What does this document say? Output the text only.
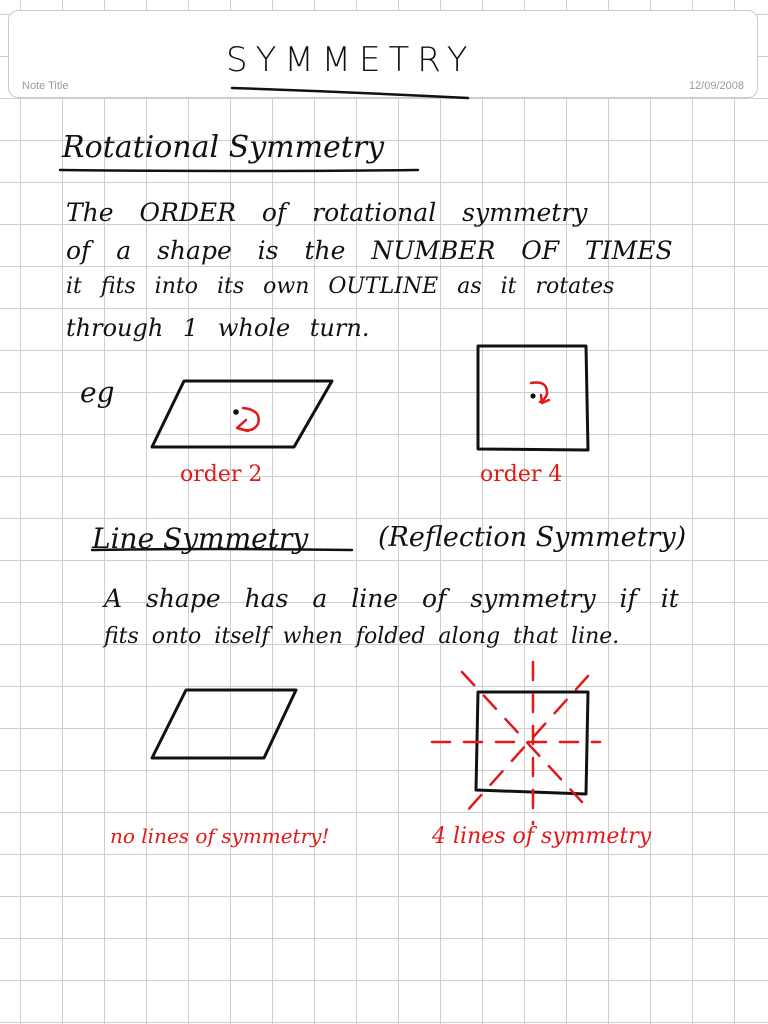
Note Title	12/09/2008
SYMMETRY
Rotational Symmetry
The ORDER of rotational symmetry
of a shape is the NUMBER OF TIMES
it fits into its own OUTLINE as it rotates
through 1 whole turn.
eg
order 2	order 4
Line Symmetry	(Reflection Symmetry)
A shape has a line of symmetry if it
fits onto itself when folded along that line.
no lines of symmetry!	4 lines of symmetry
